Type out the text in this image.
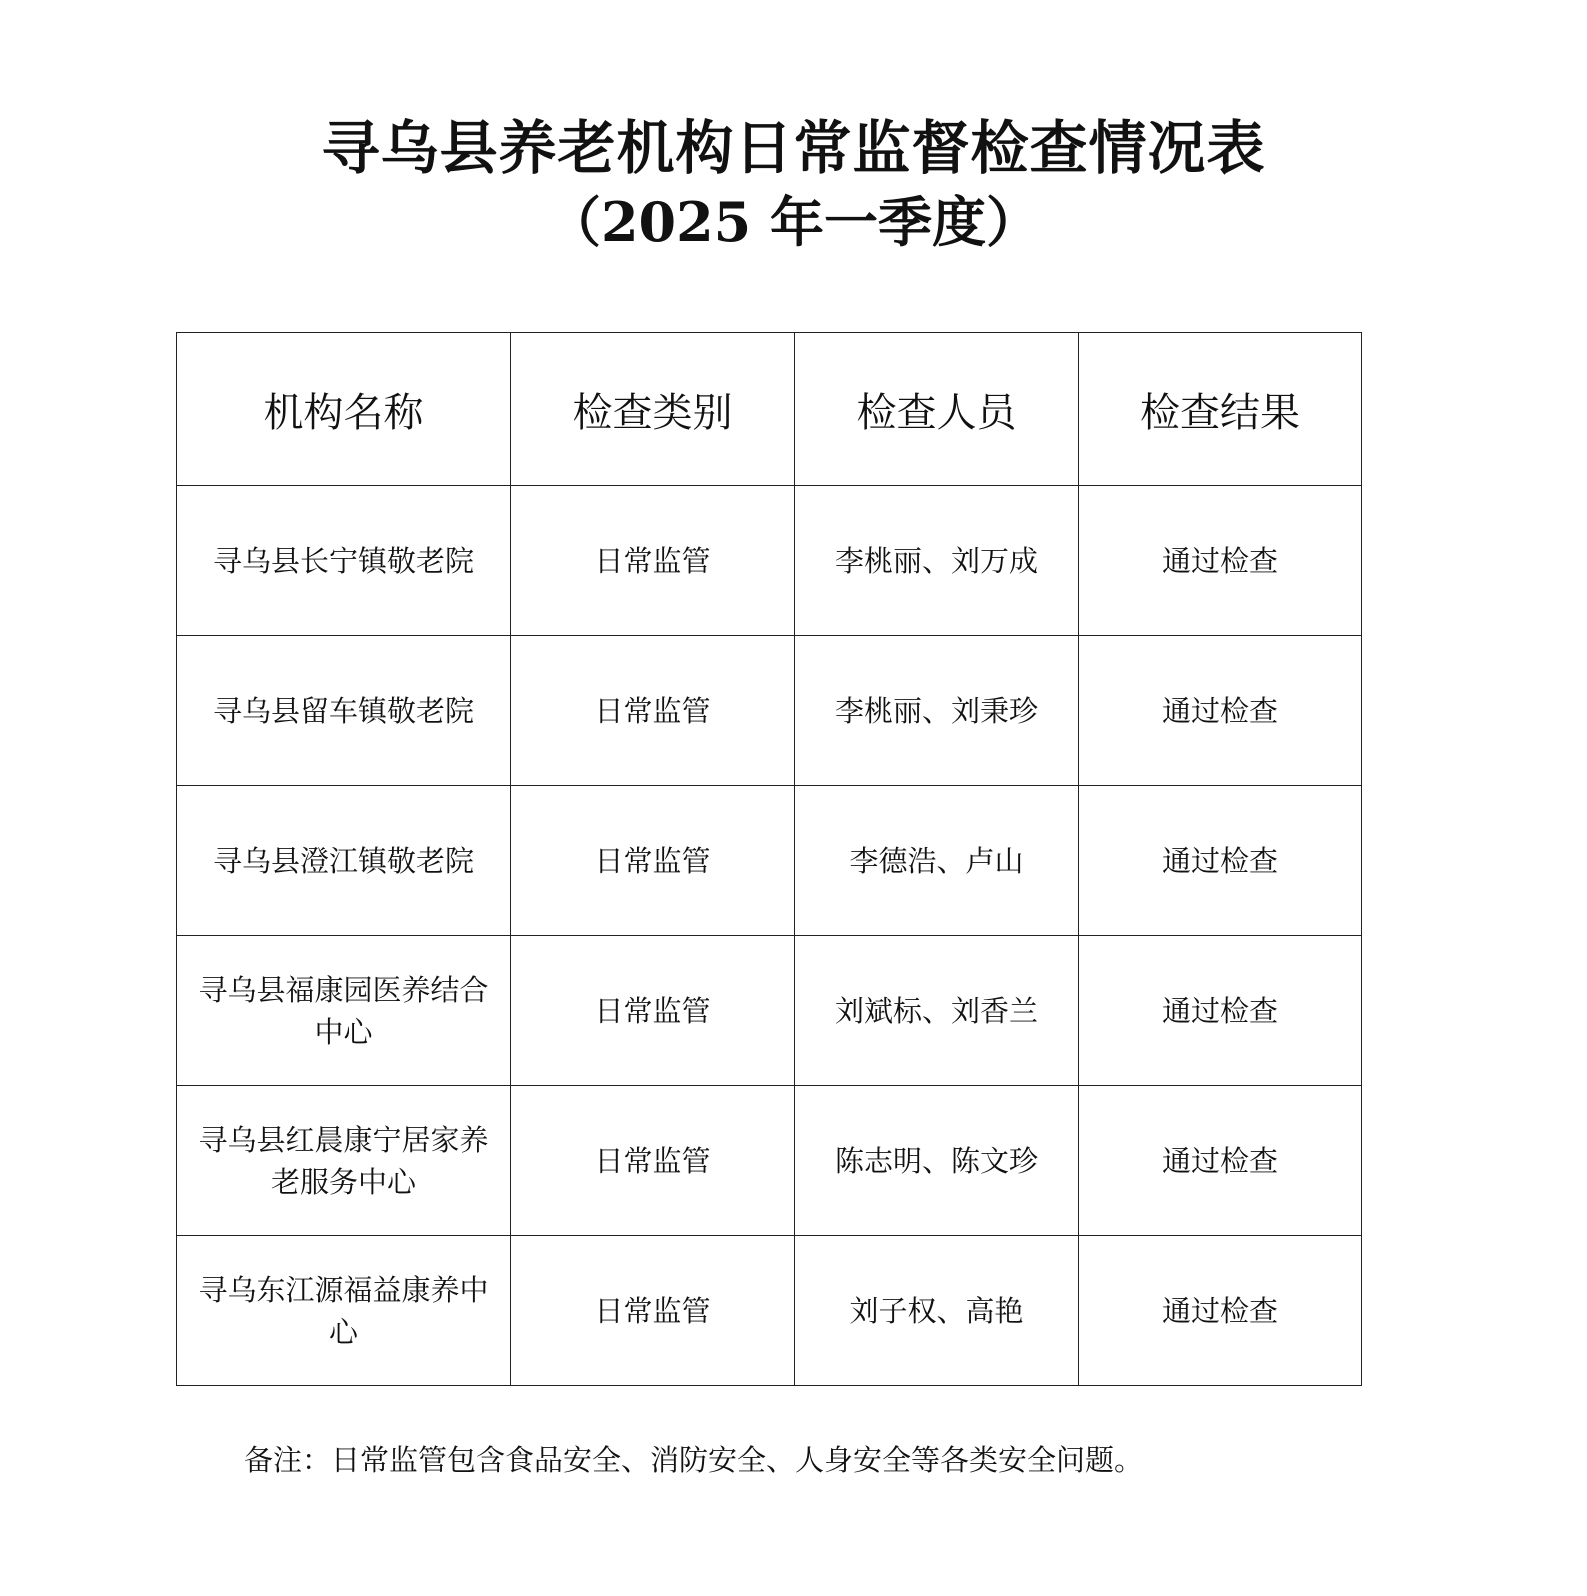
寻乌县养老机构日常监督检查情况表
（2025 年一季度）
机构名称	检查类别	检查人员	检查结果
寻乌县长宁镇敬老院	日常监管	李桃丽、刘万成	通过检查
寻乌县留车镇敬老院	日常监管	李桃丽、刘秉珍	通过检查
寻乌县澄江镇敬老院	日常监管	李德浩、卢山	通过检查
寻乌县福康园医养结合中心	日常监管	刘斌标、刘香兰	通过检查
寻乌县红晨康宁居家养老服务中心	日常监管	陈志明、陈文珍	通过检查
寻乌东江源福益康养中心	日常监管	刘子权、高艳	通过检查
备注：日常监管包含食品安全、消防安全、人身安全等各类安全问题。
